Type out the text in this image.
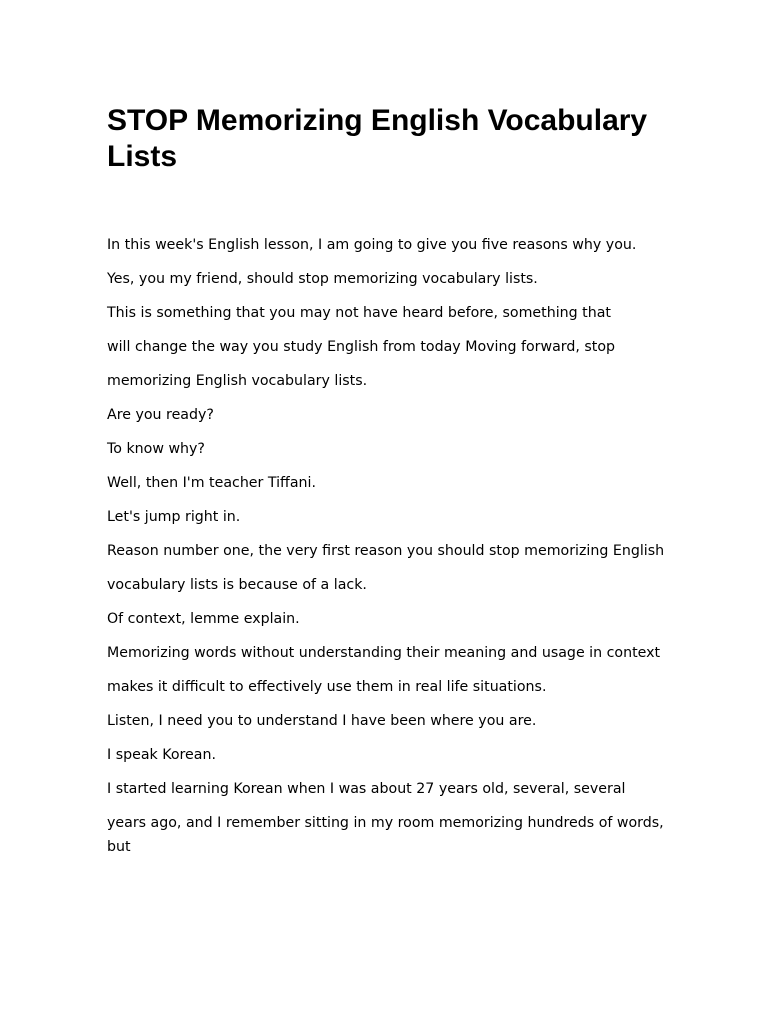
STOP Memorizing English Vocabulary Lists

In this week's English lesson, I am going to give you five reasons why you.

Yes, you my friend, should stop memorizing vocabulary lists.

This is something that you may not have heard before, something that

will change the way you study English from today Moving forward, stop

memorizing English vocabulary lists.

Are you ready?

To know why?

Well, then I'm teacher Tiffani.

Let's jump right in.

Reason number one, the very first reason you should stop memorizing English

vocabulary lists is because of a lack.

Of context, lemme explain.

Memorizing words without understanding their meaning and usage in context

makes it difficult to effectively use them in real life situations.

Listen, I need you to understand I have been where you are.

I speak Korean.

I started learning Korean when I was about 27 years old, several, several

years ago, and I remember sitting in my room memorizing hundreds of words, but
